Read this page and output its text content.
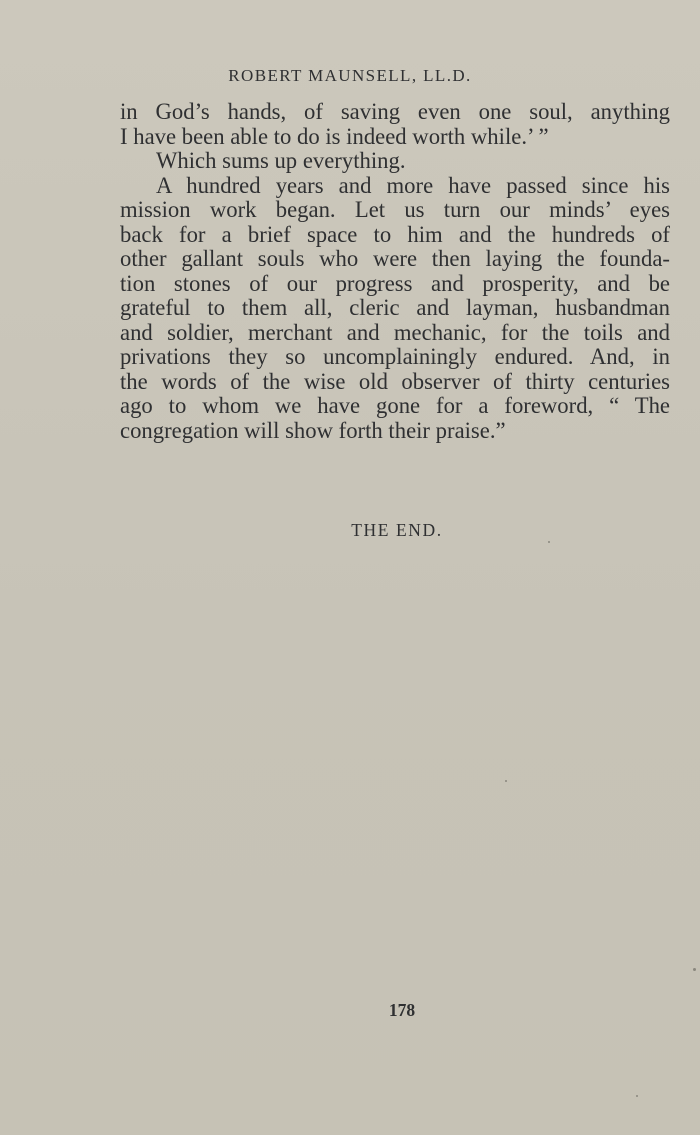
ROBERT MAUNSELL, LL.D.
in God’s hands, of saving even one soul, anything
I have been able to do is indeed worth while.’ ”
Which sums up everything.
A hundred years and more have passed since his
mission work began. Let us turn our minds’ eyes
back for a brief space to him and the hundreds of
other gallant souls who were then laying the founda-
tion stones of our progress and prosperity, and be
grateful to them all, cleric and layman, husbandman
and soldier, merchant and mechanic, for the toils and
privations they so uncomplainingly endured. And, in
the words of the wise old observer of thirty centuries
ago to whom we have gone for a foreword, “ The
congregation will show forth their praise.”
THE END.
178
